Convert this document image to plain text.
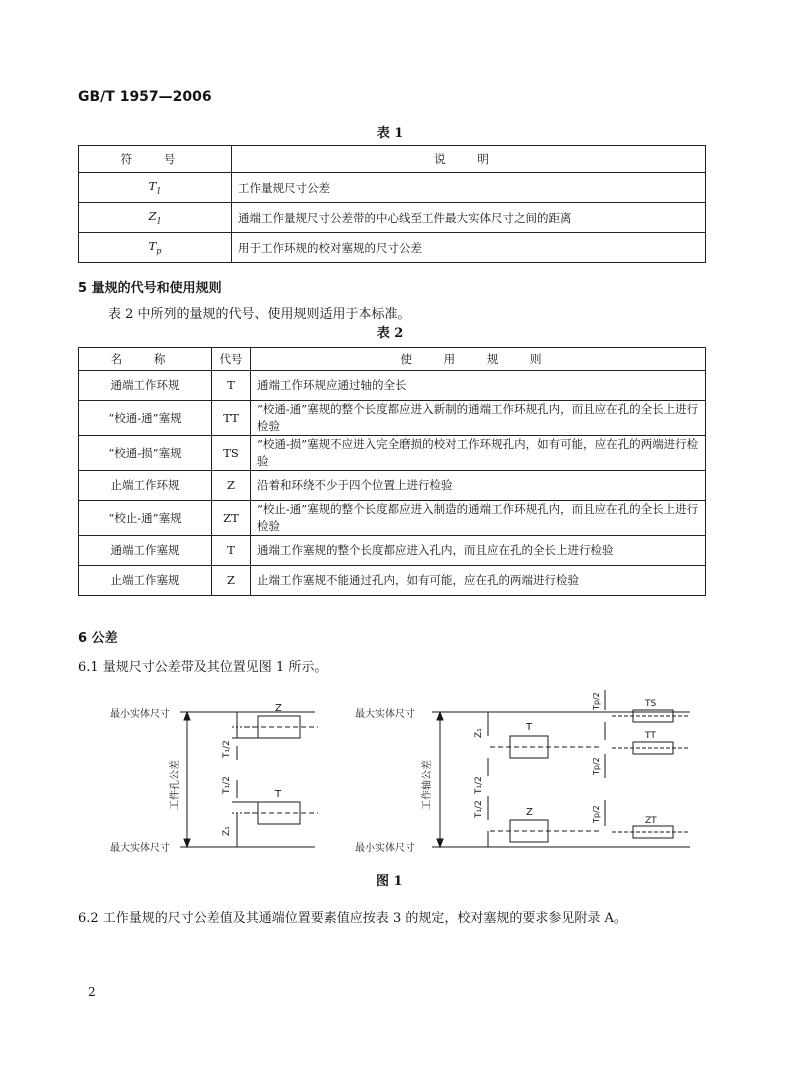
GB/T 1957—2006
表 1
符 号	说 明
$T_1$	工作量规尺寸公差
$Z_1$	通端工作量规尺寸公差带的中心线至工件最大实体尺寸之间的距离
$T_p$	用于工作环规的校对塞规的尺寸公差
5 量规的代号和使用规则
表 2 中所列的量规的代号、使用规则适用于本标准。
表 2
名 称	代号	使 用 规 则
通端工作环规	T	通端工作环规应通过轴的全长
“校通-通”塞规	TT	“校通-通”塞规的整个长度都应进入新制的通端工作环规孔内，而且应在孔的全长上进行检验
“校通-损”塞规	TS	“校通-损”塞规不应进入完全磨损的校对工作环规孔内，如有可能，应在孔的两端进行检验
止端工作环规	Z	沿着和环绕不少于四个位置上进行检验
“校止-通”塞规	ZT	“校止-通”塞规的整个长度都应进入制造的通端工作环规孔内，而且应在孔的全长上进行检验
通端工作塞规	T	通端工作塞规的整个长度都应进入孔内，而且应在孔的全长上进行检验
止端工作塞规	Z	止端工作塞规不能通过孔内，如有可能，应在孔的两端进行检验
6 公差
6.1 量规尺寸公差带及其位置见图 1 所示。
最小实体尺寸
最大实体尺寸
工件孔公差
Z
T
T₁/2
T₁/2
Z₁
最大实体尺寸
最小实体尺寸
工作轴公差
T
Z
TS
TT
ZT
Z₁
T₁/2
T₁/2
Tp/2
Tp/2
Tp/2
图 1
6.2 工作量规的尺寸公差值及其通端位置要素值应按表 3 的规定，校对塞规的要求参见附录 A。
2
